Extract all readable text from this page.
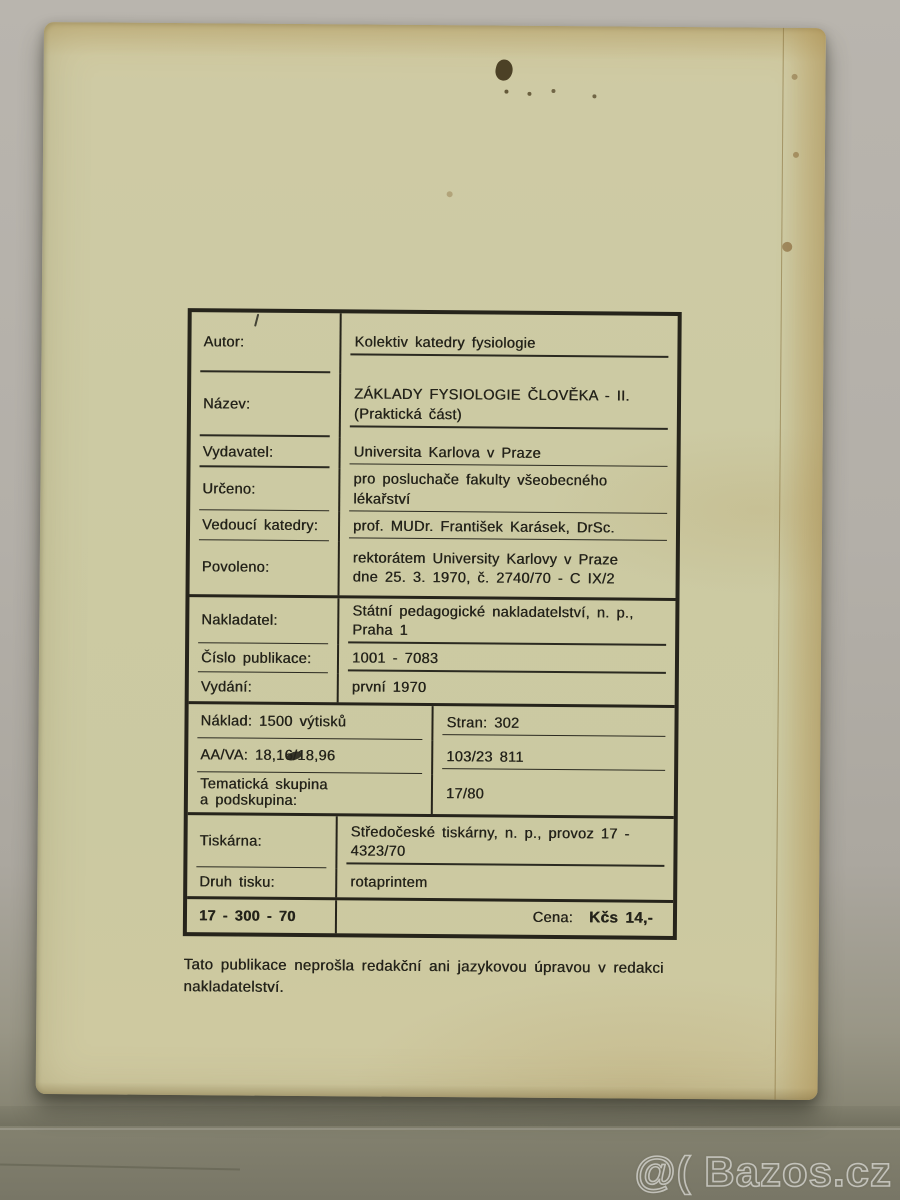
Autor:	Kolektiv katedry fysiologie
Název:	ZÁKLADY FYSIOLOGIE ČLOVĚKA - II.
(Praktická část)
Vydavatel:	Universita Karlova v Praze
Určeno:	pro posluchače fakulty všeobecného lékařství
Vedoucí katedry:	prof. MUDr. František Karásek, DrSc.
Povoleno:	rektorátem University Karlovy v Praze
dne 25. 3. 1970, č. 2740/70 - C IX/2
Nakladatel:	Státní pedagogické nakladatelství, n. p.,
Praha 1
Číslo publikace:	1001 - 7083
Vydání:	první 1970
Náklad: 1500 výtisků	Stran: 302
AA/VA: 18,16/18,96	103/23 811
Tematická skupina
a podskupina:	17/80
Tiskárna:	Středočeské tiskárny, n. p., provoz 17 -
4323/70
Druh tisku:	rotaprintem
17 - 300 - 70	Cena: Kčs 14,-

Tato publikace neprošla redakční ani jazykovou úpravou v redakci
nakladatelství.

@( Bazos.cz
